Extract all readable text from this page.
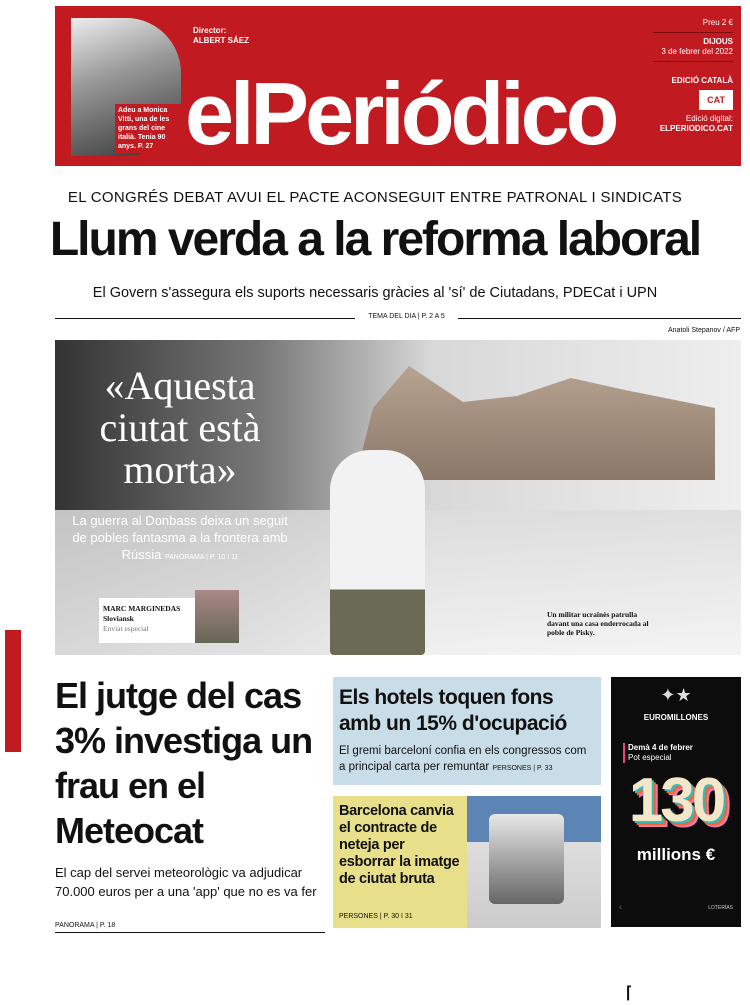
Adeu a Monica Vitti, una de les grans del cine italià. Tenia 90 anys. P. 27
Director:
ALBERT SÁEZ
elPeriódico
Preu 2 €
DIJOUS
3 de febrer del 2022
EDICIÓ CATALÀ
CAT
Edició digital:
ELPERIODICO.CAT
EL CONGRÉS DEBAT AVUI EL PACTE ACONSEGUIT ENTRE PATRONAL I SINDICATS
Llum verda a la reforma laboral
El Govern s'assegura els suports necessaris gràcies al 'sí' de Ciutadans, PDECat i UPN
TEMA DEL DIA | P. 2 A 5
Anatoli Stepanov / AFP
«Aquesta ciutat està morta»
La guerra al Donbass deixa un seguit de pobles fantasma a la frontera amb Rússia PANORAMA | P. 10 I 11
MARC MARGINEDAS
Sloviansk
Enviat especial
Un militar ucraïnès patrulla davant una casa enderrocada al poble de Pisky.
El jutge del cas 3% investiga un frau en el Meteocat
El cap del servei meteorològic va adjudicar 70.000 euros per a una 'app' que no es va fer
PANORAMA | P. 18
Els hotels toquen fons amb un 15% d'ocupació

El gremi barceloní confia en els congressos com a principal carta per remuntar PERSONES | P. 33

Barcelona canvia el contracte de neteja per esborrar la imatge de ciutat bruta
PERSONES | P. 30 I 31
✦★
EUROMILLONES
Demà 4 de febrer
Pot especial
130
millions €
☾	LOTERÍAS
⌈
